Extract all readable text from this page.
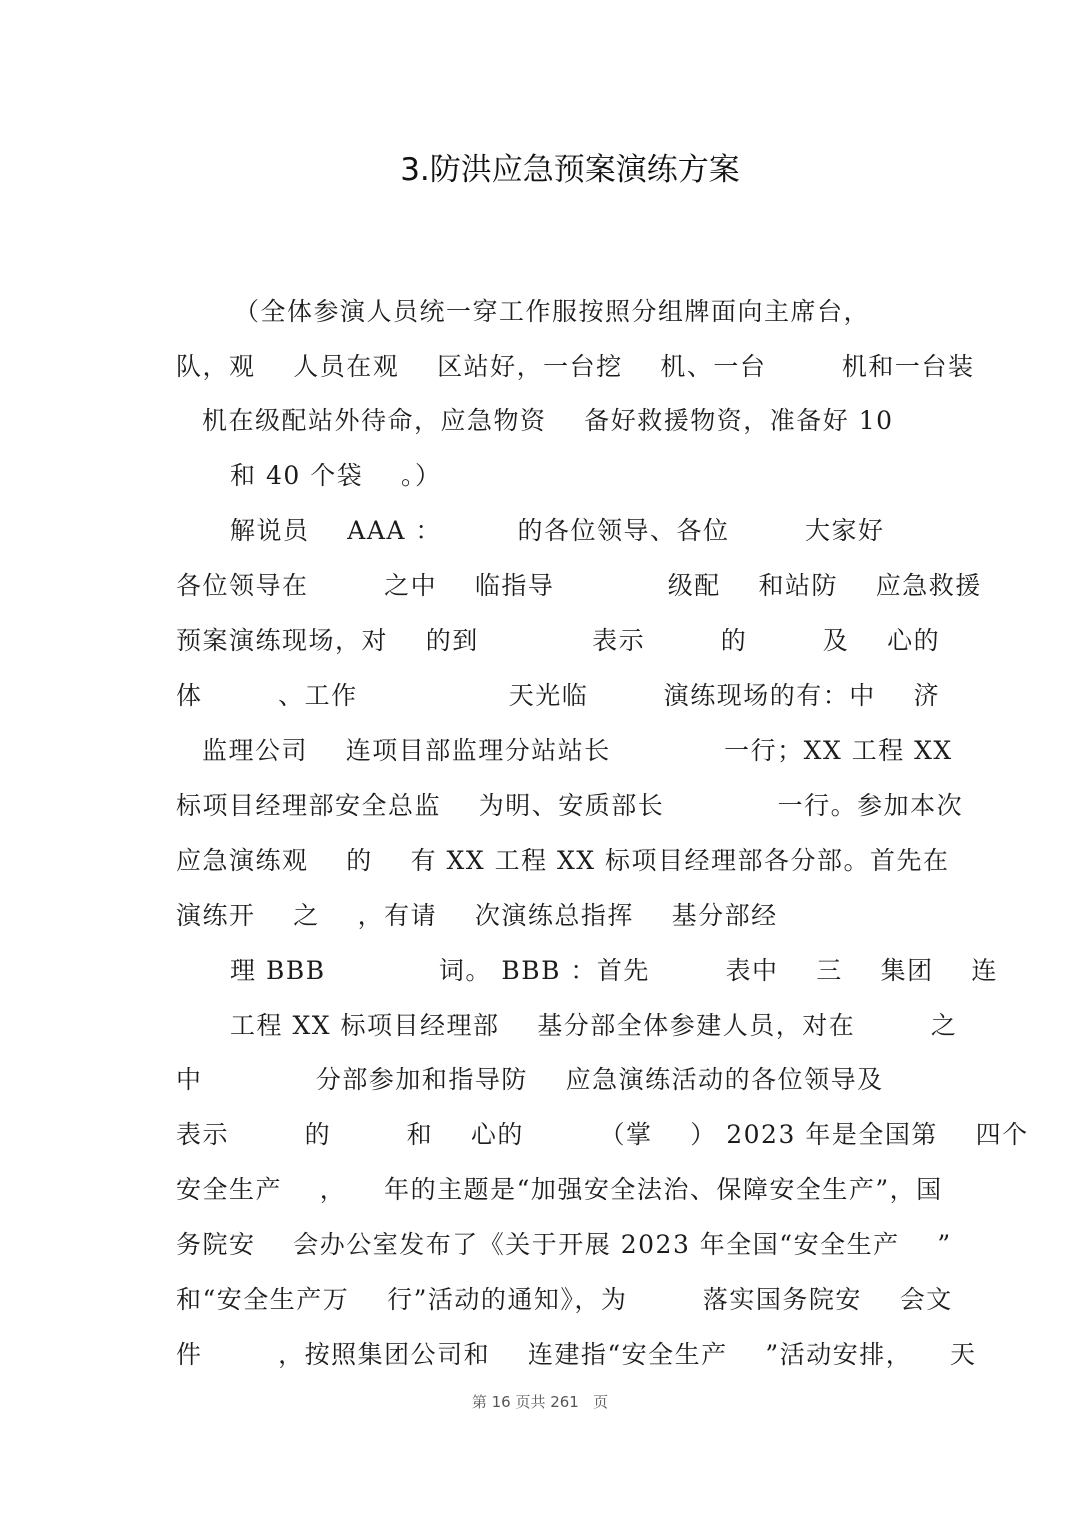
3.防洪应急预案演练方案
（全体参演人员统一穿工作服按照分组牌面向主席台，
队，观    人员在观    区站好，一台挖    机、一台        机和一台装
机在级配站外待命，应急物资    备好救援物资，准备好 10
和 40 个袋    。）
解说员    AAA ：        的各位领导、各位        大家好
各位领导在        之中    临指导            级配    和站防    应急救援
预案演练现场，对    的到            表示        的        及    心的
体        、工作                天光临        演练现场的有：中    济
监理公司    连项目部监理分站站长            一行；XX 工程 XX
标项目经理部安全总监    为明、安质部长            一行。参加本次
应急演练观    的    有 XX 工程 XX 标项目经理部各分部。首先在
演练开    之    ，有请    次演练总指挥    基分部经
理 BBB            词。 BBB ：首先        表中    三    集团    连
工程 XX 标项目经理部    基分部全体参建人员，对在        之
中            分部参加和指导防    应急演练活动的各位领导及
表示        的        和    心的        （掌    ） 2023 年是全国第    四个
安全生产    ，    年的主题是“加强安全法治、保障安全生产”，国
务院安    会办公室发布了《关于开展 2023 年全国“安全生产    ”
和“安全生产万    行”活动的通知》，为        落实国务院安    会文
件        ，按照集团公司和    连建指“安全生产    ”活动安排，    天
第 16 页共 261   页
